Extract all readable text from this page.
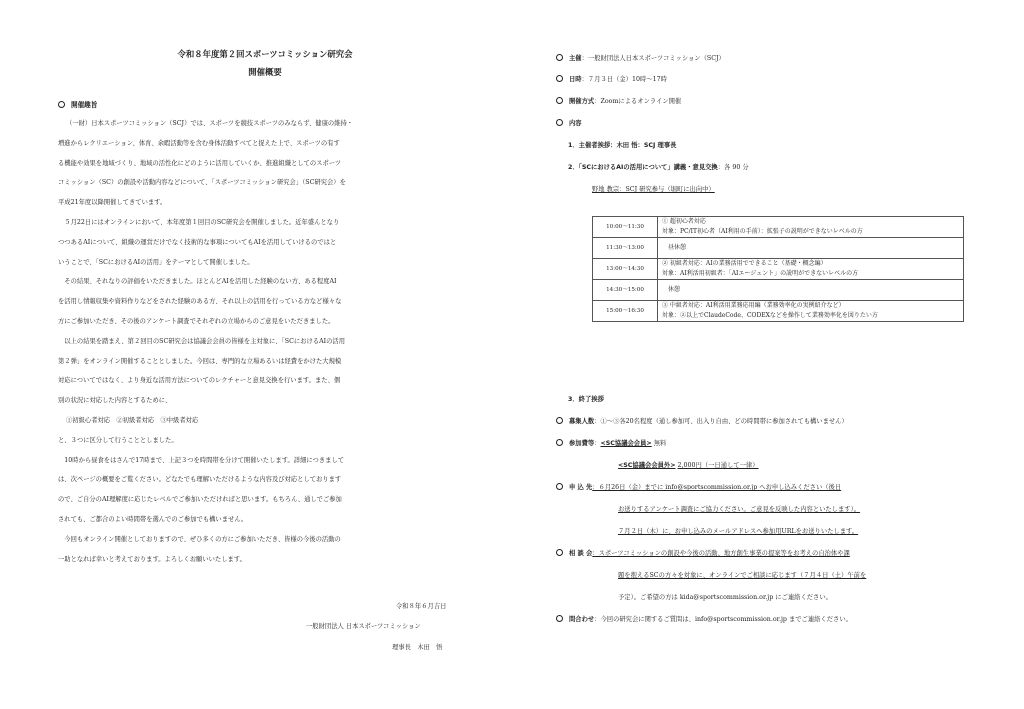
令和８年度第２回スポーツコミッション研究会
開催概要
開催趣旨

（一財）日本スポーツコミッション（SCJ）では、スポーツを競技スポーツのみならず、健康の維持・

増進からレクリエーション、体育、余暇活動等を含む身体活動すべてと捉えた上で、スポーツの有す

る機能や効果を地域づくり、地域の活性化にどのように活用していくか、推進組織としてのスポーツ

コミッション（SC）の創設や活動内容などについて、「スポーツコミッション研究会」（SC研究会）を

平成21年度以降開催してきています。

　５月22日にはオンラインにおいて、本年度第１回目のSC研究会を開催しました。近年盛んとなり

つつあるAIについて、組織の運営だけでなく技術的な事項についてもAIを活用していけるのではと

いうことで、「SCにおけるAIの活用」をテーマとして開催しました。

　その結果、それなりの評価をいただきました。ほとんどAIを活用した経験のない方、ある程度AI

を活用し情報収集や資料作りなどをされた経験のある方、それ以上の活用を行っている方など様々な

方にご参加いただき、その後のアンケート調査でそれぞれの立場からのご意見をいただきました。

　以上の結果を踏まえ、第２回目のSC研究会は協議会会員の皆様を主対象に、「SCにおけるAIの活用

第２弾」をオンライン開催することとしました。今回は、専門的な立場あるいは経費をかけた大規模

対応についてではなく、より身近な活用方法についてのレクチャーと意見交換を行います。また、個

別の状況に対応した内容とするために、

①初級心者対応　②初級者対応　③中級者対応

と、３つに区分して行うこととしました。

　10時から昼食をはさんで17時まで、上記３つを時間帯を分けて開催いたします。詳細につきまして

は、次ページの概要をご覧ください。どなたでも理解いただけるような内容及び対応としております

ので、ご自分のAI理解度に応じたレベルでご参加いただければと思います。もちろん、通しでご参加

されても、ご都合のよい時間帯を選んでのご参加でも構いません。

　今回もオンライン開催としておりますので、ぜひ多くの方にご参加いただき、皆様の今後の活動の

一助となれば幸いと考えております。よろしくお願いいたします。

令和８年６月吉日
一般財団法人 日本スポーツコミッション
理事長　木田　悟
主催：一般財団法人日本スポーツコミッション（SCJ）
日時：７月３日（金）10時～17時
開催方式：Zoomによるオンライン開催
内容
1．主催者挨拶：木田 悟：SCJ 理事長
2．「SCにおけるAIの活用について」講義・意見交換：各 90 分
野地 教宗：SCJ 研究参与（堀町に出向中）
10:00～11:30	① 超初心者対応
対象：PC/IT初心者（AI利用の手前）：拡張子の説明ができないレベルの方

11:30～13:00	昼休憩

13:00～14:30	② 初級者対応：AIの業務活用でできること（基礎・概念編）
対象：AI利活用初級者：「AIエージェント」の説明ができないレベルの方

14:30～15:00	休憩

15:00～16:30	③ 中級者対応：AI利活用業務応用編（業務効率化の実例紹介など）
対象：②以上でClaudeCode、CODEXなどを操作して業務効率化を図りたい方
3．終了挨拶
募集人数：①～③各20名程度（通し参加可、出入り自由、どの時間帯に参加されても構いません）
参加費等：<SC協議会会員> 無料
<SC協議会会員外> 2,000円（一日通して一律）
申 込 先：６月26日（金）までに info@sportscommission.or.jp へお申し込みください（後日
お送りするアンケート調査にご協力ください。ご意見を反映した内容といたします）。
７月２日（木）に、お申し込みのメールアドレスへ参加用URLをお送りいたします。
相 談 会：スポーツコミッションの創設や今後の活動、地方創生事業の提案等をお考えの自治体や課
題を抱えるSCの方々を対象に、オンラインでご相談に応じます（７月４日（土）午前を
予定）。ご希望の方は kida@sportscommission.or.jp にご連絡ください。
問合わせ：今回の研究会に関するご質問は、info@sportscommission.or.jp までご連絡ください。
